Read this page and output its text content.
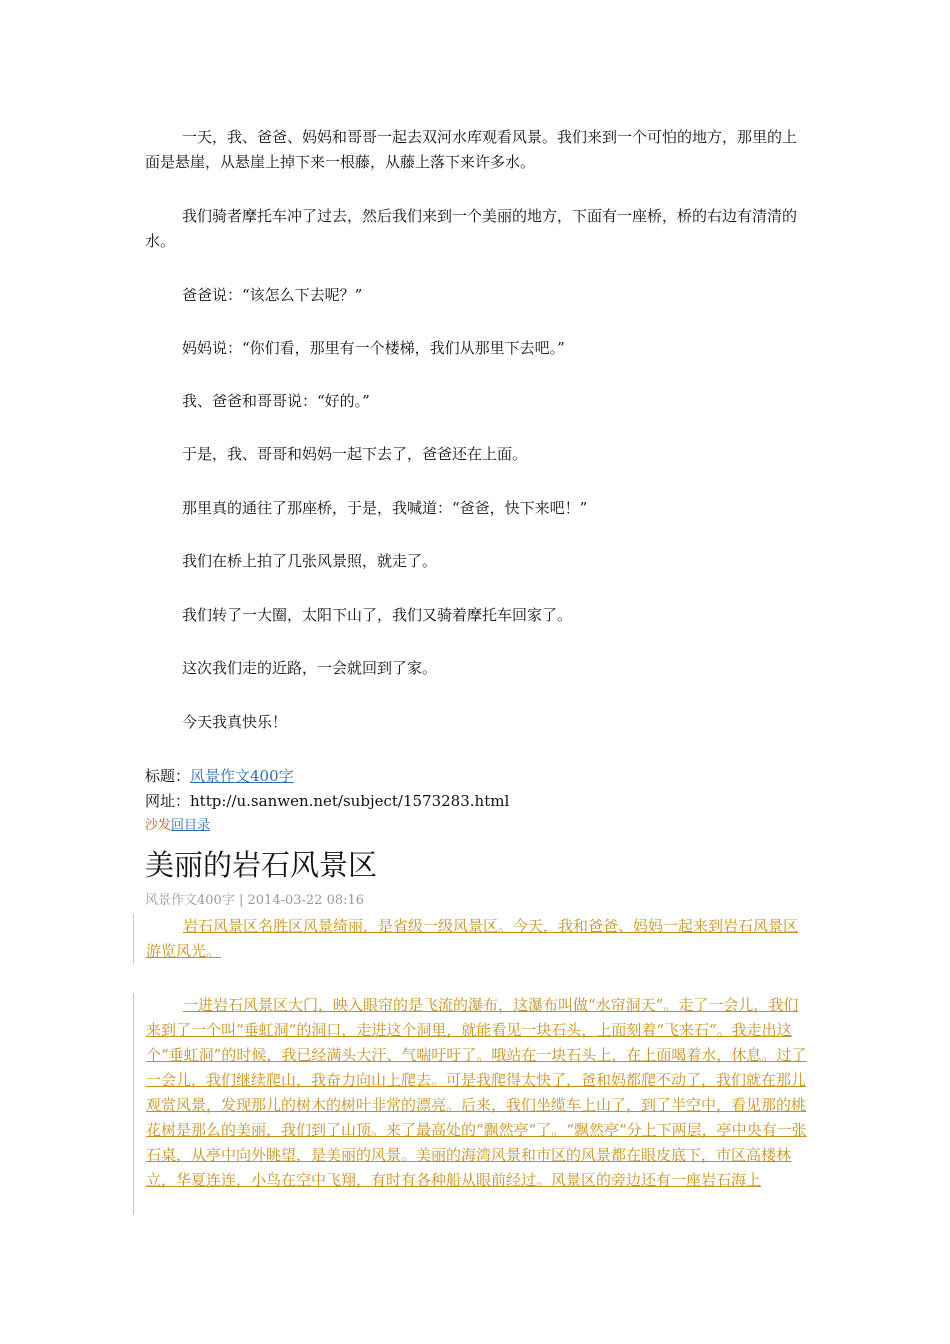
一天，我、爸爸、妈妈和哥哥一起去双河水库观看风景。我们来到一个可怕的地方，那里的上面是悬崖，从悬崖上掉下来一根藤，从藤上落下来许多水。

我们骑者摩托车冲了过去，然后我们来到一个美丽的地方，下面有一座桥，桥的右边有清清的水。

爸爸说：“该怎么下去呢？”

妈妈说：“你们看，那里有一个楼梯，我们从那里下去吧。”

我、爸爸和哥哥说：“好的。”

于是，我、哥哥和妈妈一起下去了，爸爸还在上面。

那里真的通往了那座桥，于是，我喊道：“爸爸，快下来吧！”

我们在桥上拍了几张风景照，就走了。

我们转了一大圈，太阳下山了，我们又骑着摩托车回家了。

这次我们走的近路，一会就回到了家。

今天我真快乐！

标题：风景作文400字
网址：http://u.sanwen.net/subject/1573283.html
沙发回目录
美丽的岩石风景区
风景作文400字 | 2014-03-22 08:16

岩石风景区名胜区风景绮丽，是省级一级风景区。今天，我和爸爸、妈妈一起来到岩石风景区游览风光。

一进岩石风景区大门，映入眼帘的是飞流的瀑布，这瀑布叫做“水帘洞天”。走了一会儿，我们来到了一个叫“垂虹洞“的洞口，走进这个洞里，就能看见一块石头，上面刻着“飞来石“。我走出这个“垂虹洞”的时候，我已经满头大汗、气喘吁吁了。哦站在一块石头上，在上面喝着水，休息。过了一会儿，我们继续爬山，我奋力向山上爬去。可是我爬得太快了，爸和妈都爬不动了，我们就在那儿观赏风景，发现那儿的树木的树叶非常的漂亮。后来，我们坐缆车上山了，到了半空中，看见那的桃花树是那么的美丽，我们到了山顶。来了最高处的“飘然亭“了。“飘然亭“分上下两层，亭中央有一张石桌，从亭中向外眺望，是美丽的风景。美丽的海湾风景和市区的风景都在眼皮底下，市区高楼林立，华夏连连，小鸟在空中飞翔，有时有各种船从眼前经过。风景区的旁边还有一座岩石海上
